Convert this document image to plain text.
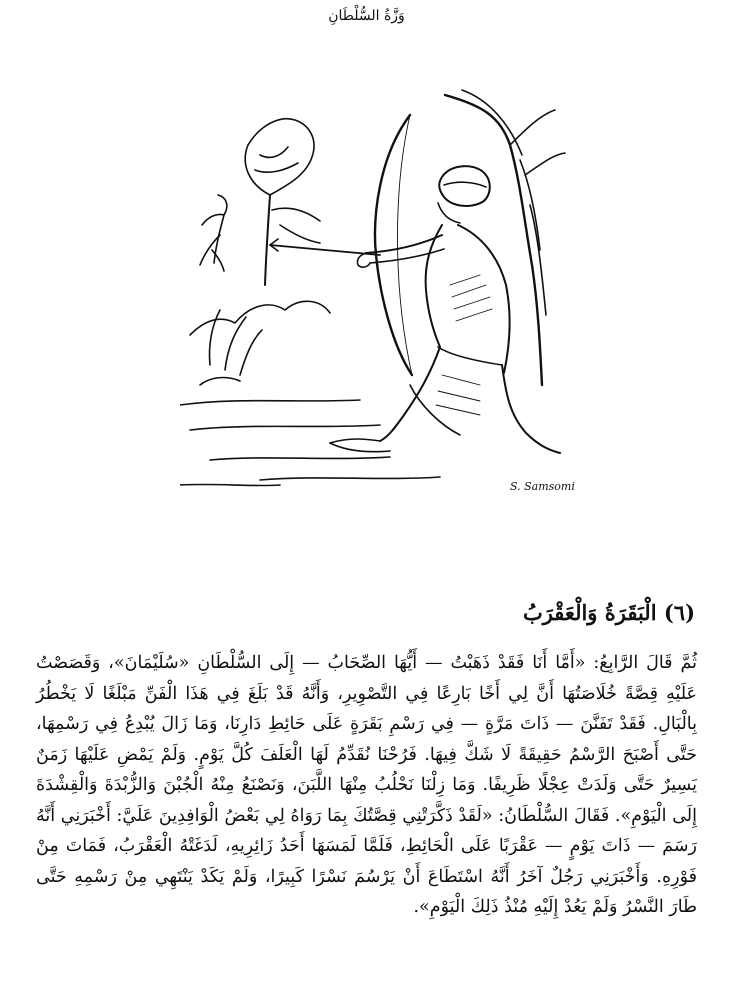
وَزَّةُ السُّلْطَانِ
S. Samsomi
(٦) الْبَقَرَةُ وَالْعَقْرَبُ

ثُمَّ قَالَ الرَّابِعُ: «أَمَّا أَنَا فَقَدْ ذَهَبْتُ — أَيُّهَا الصِّحَابُ — إِلَى السُّلْطَانِ «سُلَيْمَانَ»، وَقَصَصْتُ عَلَيْهِ قِصَّةً خُلَاصَتُهَا أَنَّ لِي أَخًا بَارِعًا فِي التَّصْوِيرِ، وَأَنَّهُ قَدْ بَلَغَ فِي هَذَا الْفَنِّ مَبْلَغًا لَا يَخْطُرُ بِالْبَالِ. فَقَدْ تَفَنَّنَ — ذَاتَ مَرَّةٍ — فِي رَسْمِ بَقَرَةٍ عَلَى حَائِطِ دَارِنَا، وَمَا زَالَ يُبْدِعُ فِي رَسْمِهَا، حَتَّى أَصْبَحَ الرَّسْمُ حَقِيقَةً لَا شَكَّ فِيهَا. فَرُحْنَا نُقَدِّمُ لَهَا الْعَلَفَ كُلَّ يَوْمٍ. وَلَمْ يَمْضِ عَلَيْهَا زَمَنٌ يَسِيرٌ حَتَّى وَلَدَتْ عِجْلًا ظَرِيفًا. وَمَا زِلْنَا نَحْلُبُ مِنْهَا اللَّبَنَ، وَنَصْنَعُ مِنْهُ الْجُبْنَ وَالزُّبْدَةَ وَالْقِشْدَةَ إِلَى الْيَوْمِ». فَقَالَ السُّلْطَانُ: «لَقَدْ ذَكَّرَتْنِي قِصَّتُكَ بِمَا رَوَاهُ لِي بَعْضُ الْوَافِدِينَ عَلَيَّ: أَخْبَرَنِي أَنَّهُ رَسَمَ — ذَاتَ يَوْمٍ — عَقْرَبًا عَلَى الْحَائِطِ، فَلَمَّا لَمَسَهَا أَحَدُ زَائِرِيهِ، لَدَغَتْهُ الْعَقْرَبُ، فَمَاتَ مِنْ فَوْرِهِ. وَأَخْبَرَنِي رَجُلٌ آخَرُ أَنَّهُ اسْتَطَاعَ أَنْ يَرْسُمَ نَسْرًا كَبِيرًا، وَلَمْ يَكَدْ يَنْتَهِي مِنْ رَسْمِهِ حَتَّى طَارَ النَّسْرُ وَلَمْ يَعُدْ إِلَيْهِ مُنْذُ ذَلِكَ الْيَوْمِ».
